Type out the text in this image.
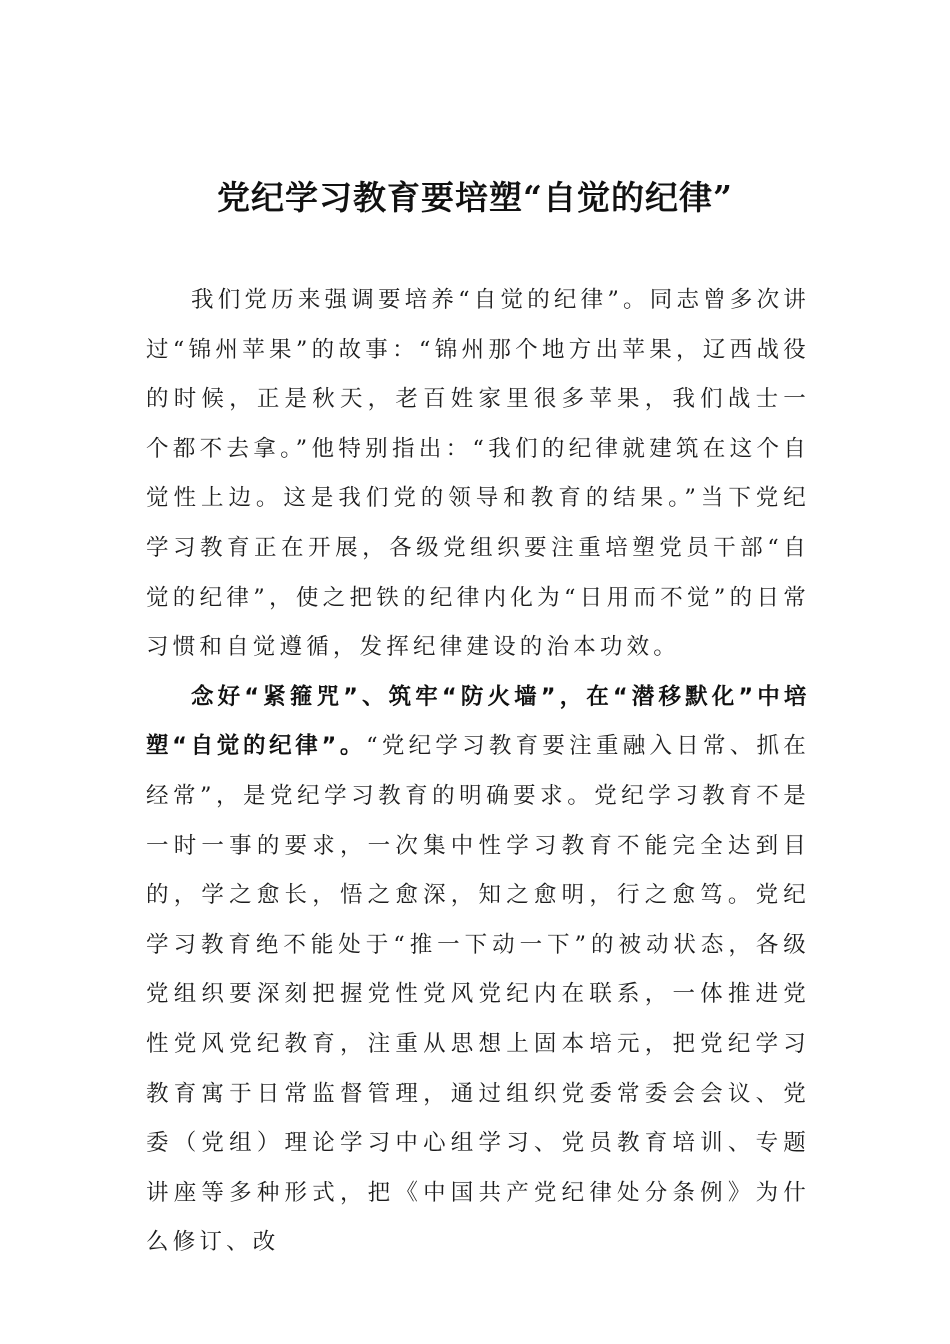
党纪学习教育要培塑“自觉的纪律”

我们党历来强调要培养“自觉的纪律”。同志曾多次讲过“锦州苹果”的故事：“锦州那个地方出苹果，辽西战役的时候，正是秋天，老百姓家里很多苹果，我们战士一个都不去拿。”他特别指出：“我们的纪律就建筑在这个自觉性上边。这是我们党的领导和教育的结果。”当下党纪学习教育正在开展，各级党组织要注重培塑党员干部“自觉的纪律”，使之把铁的纪律内化为“日用而不觉”的日常习惯和自觉遵循，发挥纪律建设的治本功效。

念好“紧箍咒”、筑牢“防火墙”，在“潜移默化”中培塑“自觉的纪律”。“党纪学习教育要注重融入日常、抓在经常”，是党纪学习教育的明确要求。党纪学习教育不是一时一事的要求，一次集中性学习教育不能完全达到目的，学之愈长，悟之愈深，知之愈明，行之愈笃。党纪学习教育绝不能处于“推一下动一下”的被动状态，各级党组织要深刻把握党性党风党纪内在联系，一体推进党性党风党纪教育，注重从思想上固本培元，把党纪学习教育寓于日常监督管理，通过组织党委常委会会议、党委（党组）理论学习中心组学习、党员教育培训、专题讲座等多种形式，把《中国共产党纪律处分条例》为什么修订、改
